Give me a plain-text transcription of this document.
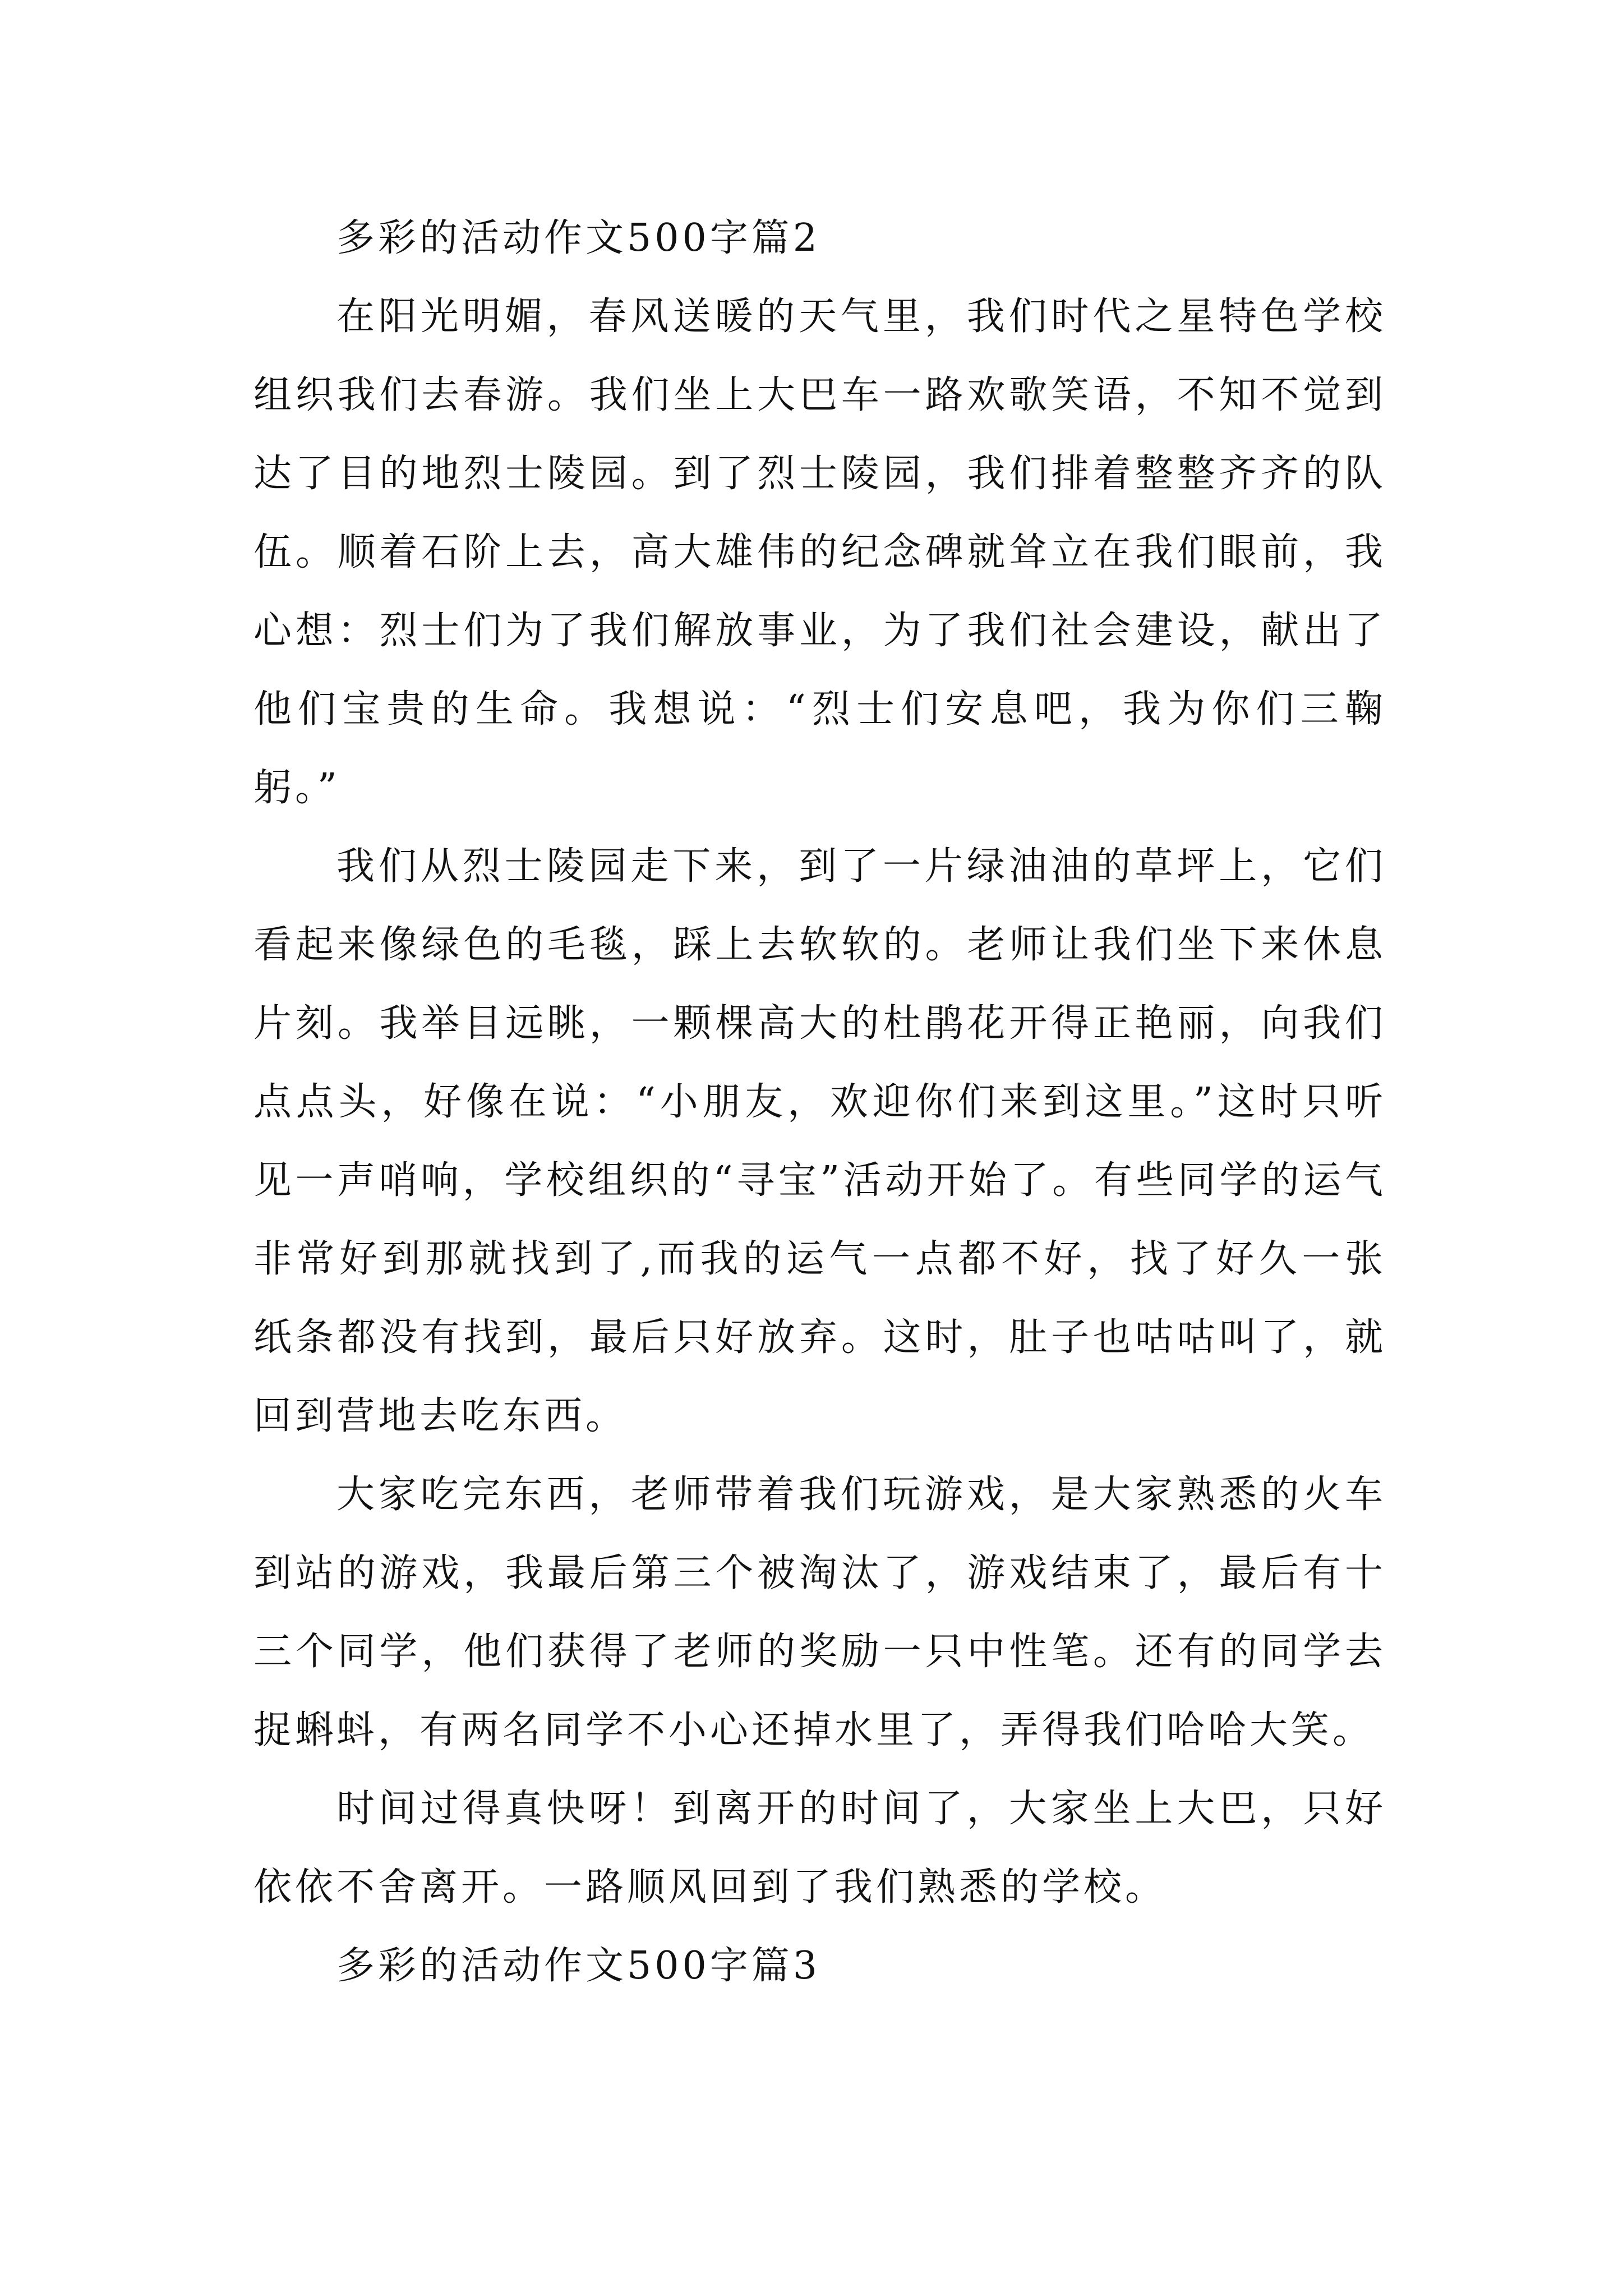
多彩的活动作文500字篇2

在阳光明媚，春风送暖的天气里，我们时代之星特色学校组织我们去春游。我们坐上大巴车一路欢歌笑语，不知不觉到达了目的地烈士陵园。到了烈士陵园，我们排着整整齐齐的队伍。顺着石阶上去，高大雄伟的纪念碑就耸立在我们眼前，我心想：烈士们为了我们解放事业，为了我们社会建设，献出了他们宝贵的生命。我想说：“烈士们安息吧，我为你们三鞠躬。”

我们从烈士陵园走下来，到了一片绿油油的草坪上，它们看起来像绿色的毛毯，踩上去软软的。老师让我们坐下来休息片刻。我举目远眺，一颗棵高大的杜鹃花开得正艳丽，向我们点点头，好像在说：“小朋友，欢迎你们来到这里。”这时只听见一声哨响，学校组织的“寻宝”活动开始了。有些同学的运气非常好到那就找到了,而我的运气一点都不好，找了好久一张纸条都没有找到，最后只好放弃。这时，肚子也咕咕叫了，就回到营地去吃东西。

大家吃完东西，老师带着我们玩游戏，是大家熟悉的火车到站的游戏，我最后第三个被淘汰了，游戏结束了，最后有十三个同学，他们获得了老师的奖励一只中性笔。还有的同学去捉蝌蚪，有两名同学不小心还掉水里了，弄得我们哈哈大笑。

时间过得真快呀！到离开的时间了，大家坐上大巴，只好依依不舍离开。一路顺风回到了我们熟悉的学校。

多彩的活动作文500字篇3
